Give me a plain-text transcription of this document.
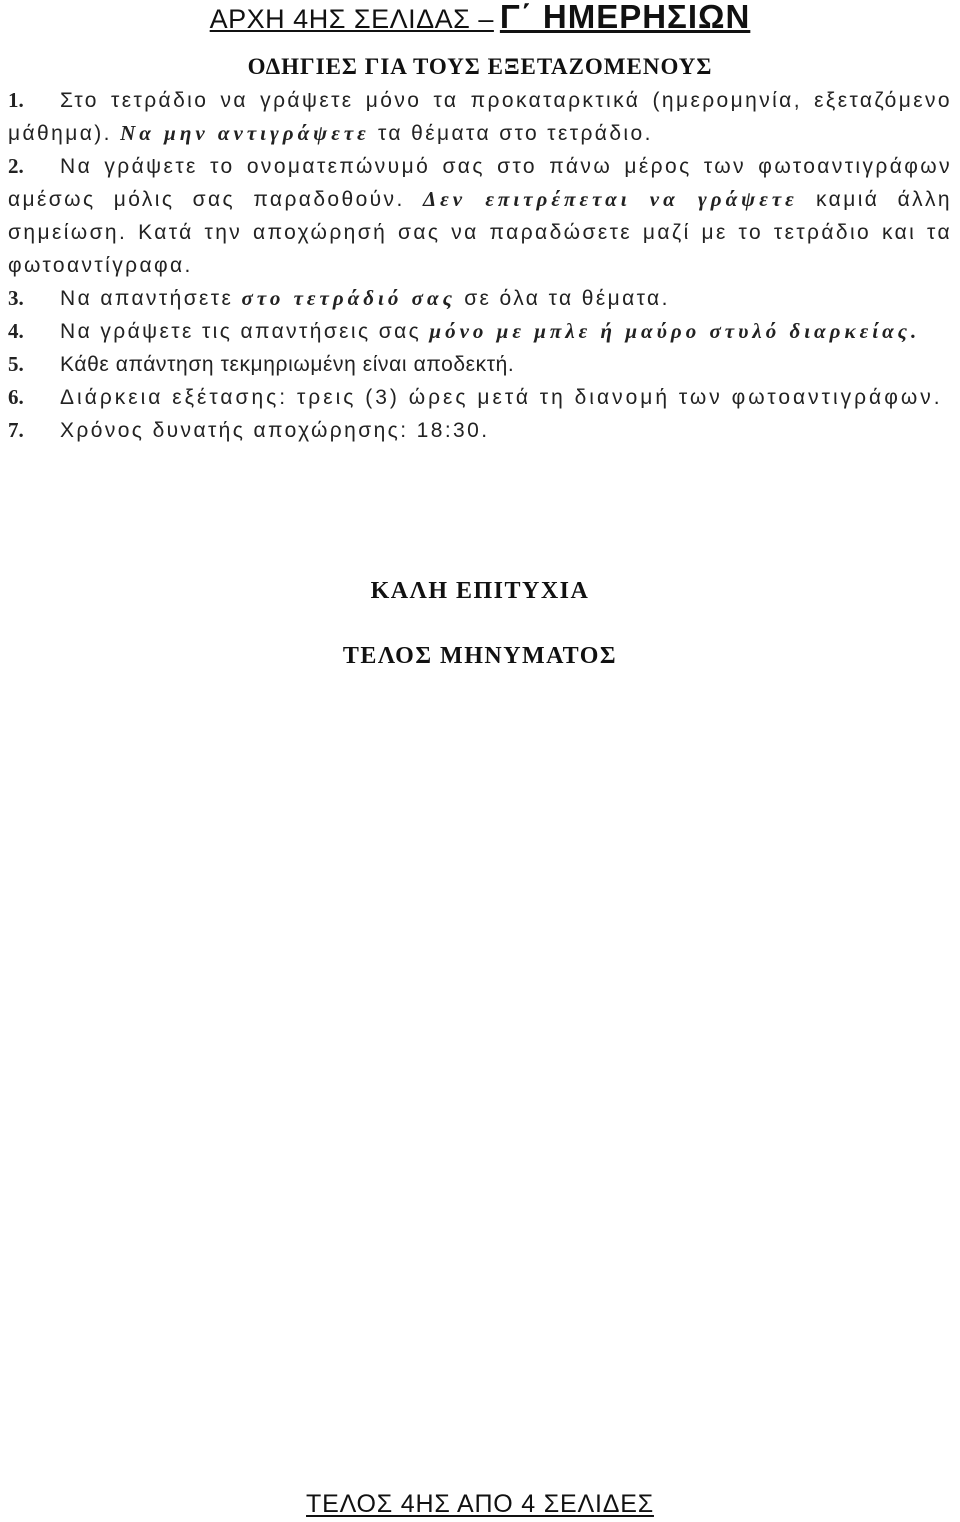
ΑΡΧΗ 4ΗΣ ΣΕΛΙΔΑΣ – Γ΄ ΗΜΕΡΗΣΙΩΝ
ΟΔΗΓΙΕΣ ΓΙΑ ΤΟΥΣ ΕΞΕΤΑΖΟΜΕΝΟΥΣ
1. Στο τετράδιο να γράψετε μόνο τα προκαταρκτικά (ημερομηνία, εξεταζόμενο μάθημα). Να μην αντιγράψετε τα θέματα στο τετράδιο.
2. Να γράψετε το ονοματεπώνυμό σας στο πάνω μέρος των φωτοαντιγράφων αμέσως μόλις σας παραδοθούν. Δεν επιτρέπεται να γράψετε καμιά άλλη σημείωση. Κατά την αποχώρησή σας να παραδώσετε μαζί με το τετράδιο και τα φωτοαντίγραφα.
3. Να απαντήσετε στο τετράδιό σας σε όλα τα θέματα.
4. Να γράψετε τις απαντήσεις σας μόνο με μπλε ή μαύρο στυλό διαρκείας.
5. Κάθε απάντηση τεκμηριωμένη είναι αποδεκτή.
6. Διάρκεια εξέτασης: τρεις (3) ώρες μετά τη διανομή των φωτοαντιγράφων.
7. Χρόνος δυνατής αποχώρησης: 18:30.
ΚΑΛΗ ΕΠΙΤΥΧΙΑ
ΤΕΛΟΣ ΜΗΝΥΜΑΤΟΣ
ΤΕΛΟΣ 4ΗΣ ΑΠΟ 4 ΣΕΛΙΔΕΣ
